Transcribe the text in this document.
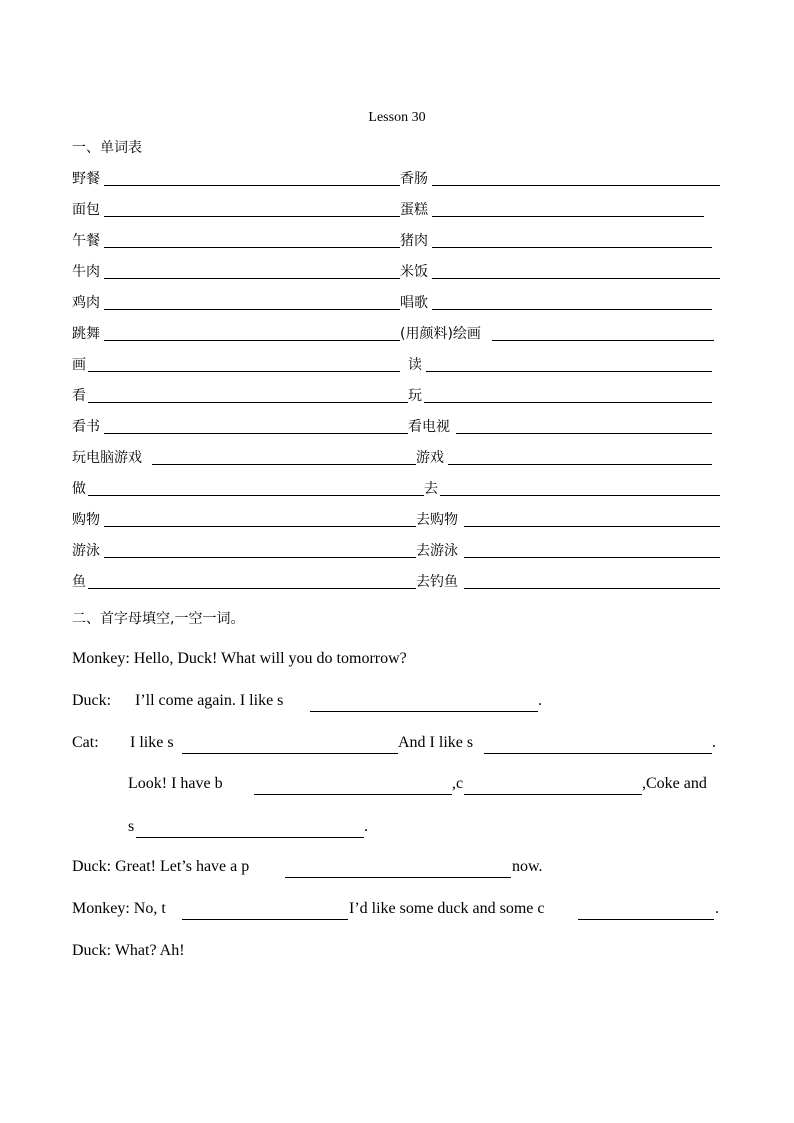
Lesson 30
一、单词表
野餐	香肠
面包	蛋糕
午餐	猪肉
牛肉	米饭
鸡肉	唱歌
跳舞	(用颜料)绘画
画	读
看	玩
看书	看电视
玩电脑游戏	游戏
做	去
购物	去购物
游泳	去游泳
鱼	去钓鱼
二、首字母填空,一空一词。
Monkey: Hello, Duck! What will you do tomorrow?
Duck: I’ll come again. I like s	.
Cat: I like s	And I like s	.
Look! I have b	,c	,Coke and
s	.
Duck: Great! Let’s have a p	now.
Monkey: No, t	I’d like some duck and some c	.
Duck: What? Ah!
